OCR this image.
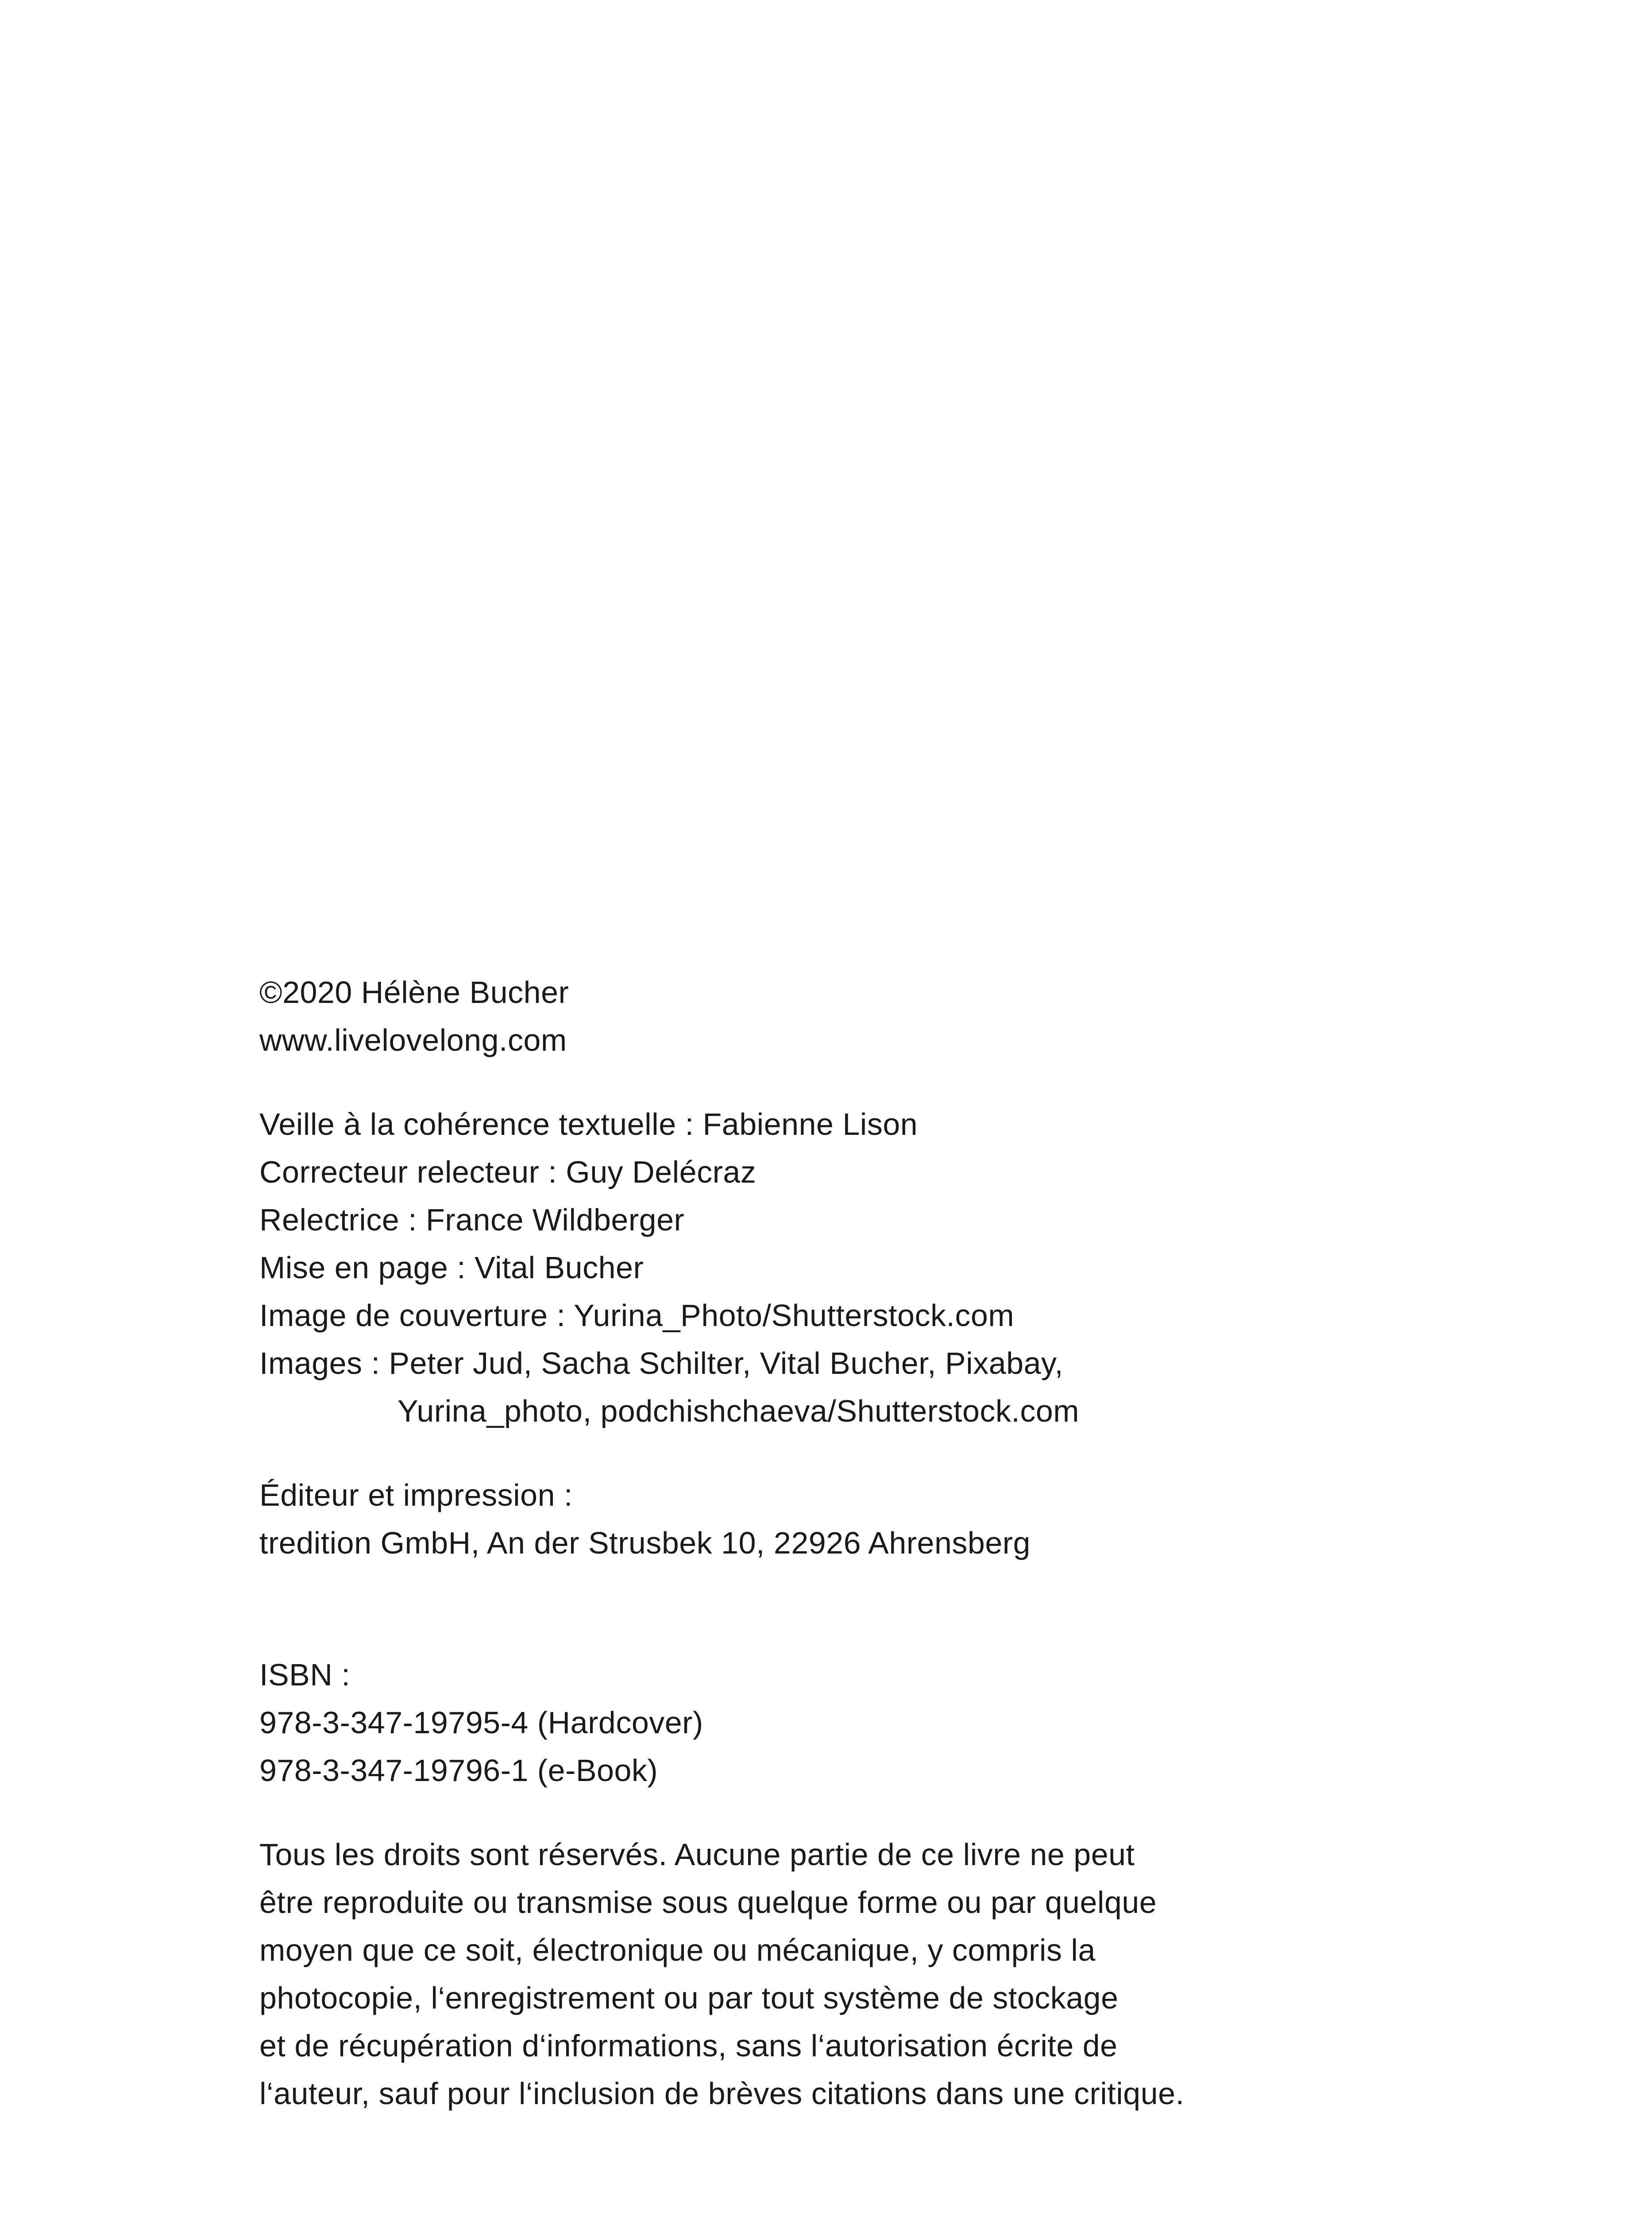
©2020 Hélène Bucher
www.livelovelong.com
Veille à la cohérence textuelle : Fabienne Lison
Correcteur relecteur : Guy Delécraz
Relectrice : France Wildberger
Mise en page : Vital Bucher
Image de couverture : Yurina_Photo/Shutterstock.com
Images : Peter Jud, Sacha Schilter, Vital Bucher, Pixabay,
Yurina_photo, podchishchaeva/Shutterstock.com
Éditeur et impression :
tredition GmbH, An der Strusbek 10, 22926 Ahrensberg
ISBN :
978-3-347-19795-4 (Hardcover)
978-3-347-19796-1 (e-Book)
Tous les droits sont réservés. Aucune partie de ce livre ne peut
être reproduite ou transmise sous quelque forme ou par quelque
moyen que ce soit, électronique ou mécanique, y compris la
photocopie, l‘enregistrement ou par tout système de stockage
et de récupération d‘informations, sans l‘autorisation écrite de
l‘auteur, sauf pour l‘inclusion de brèves citations dans une critique.
